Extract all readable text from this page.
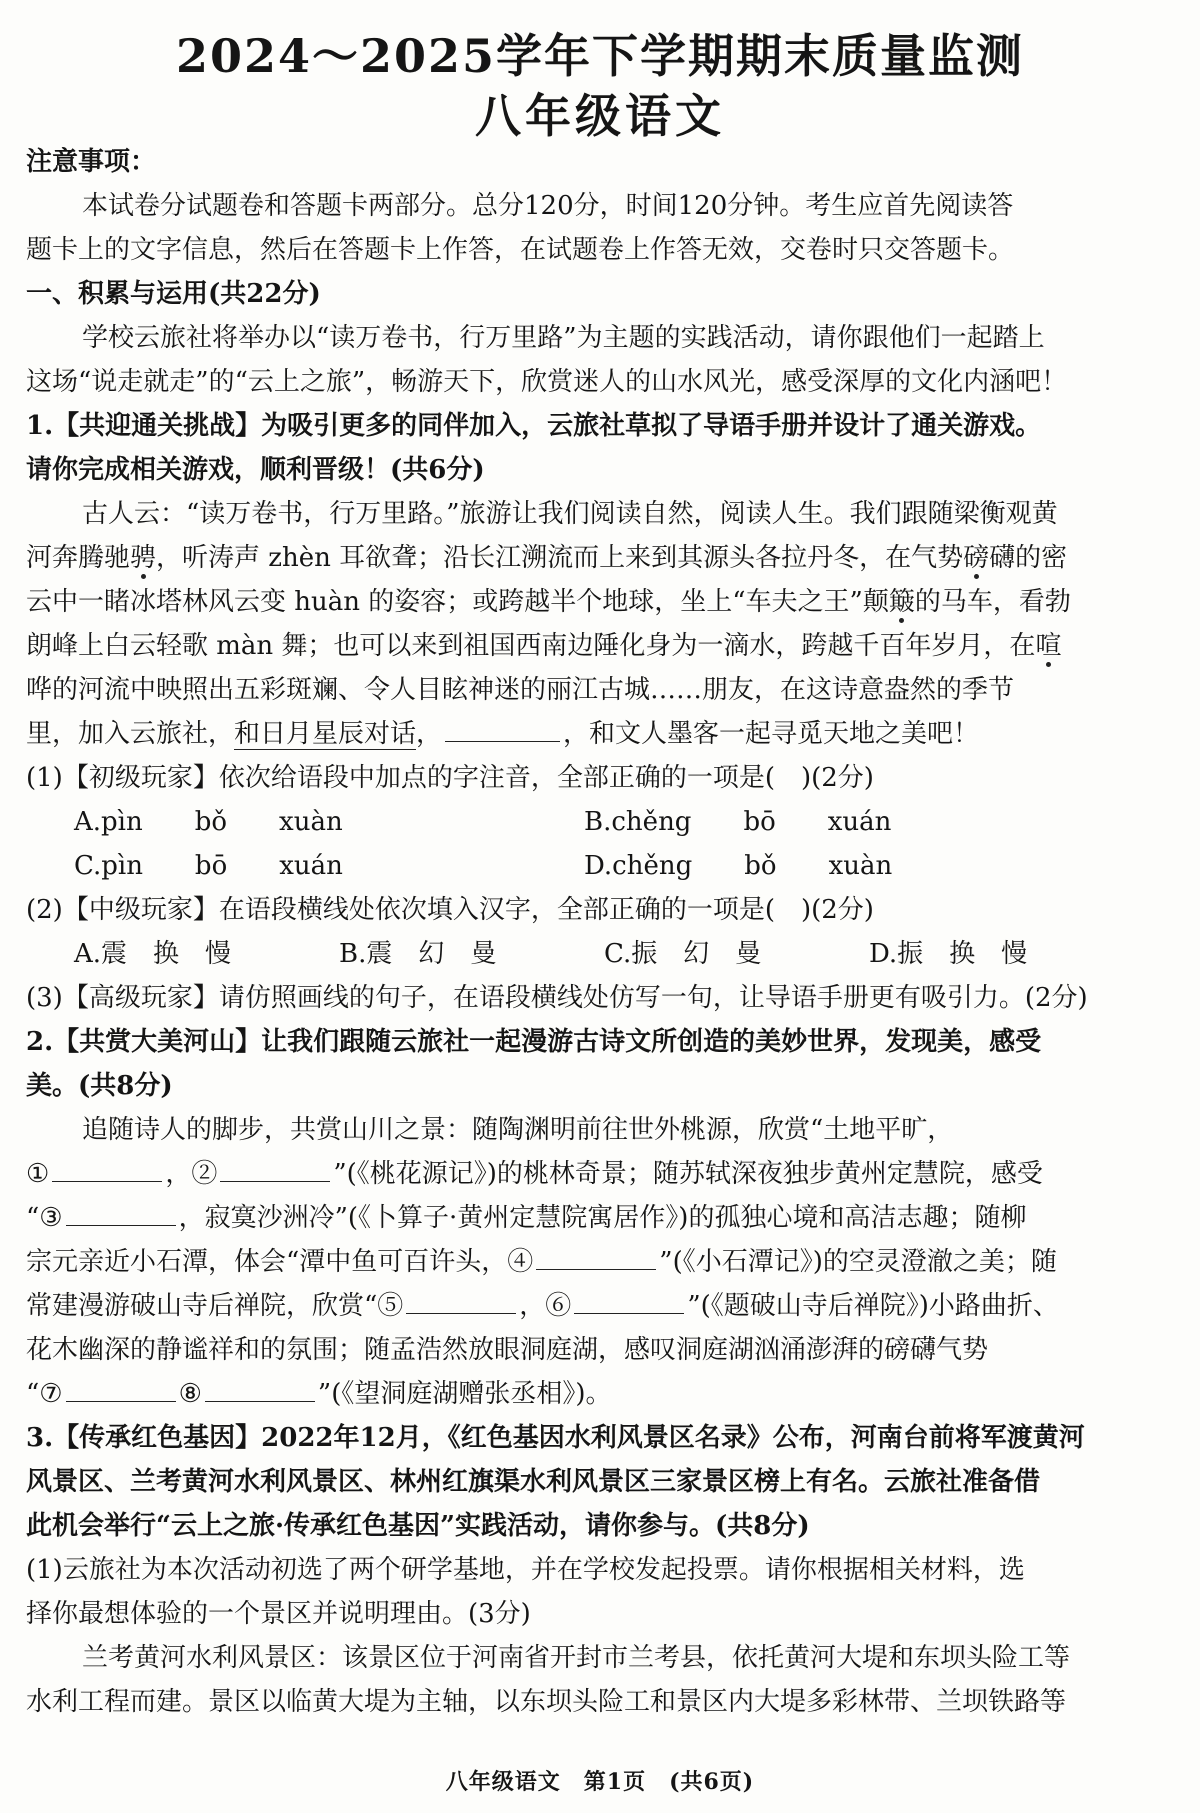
2024～2025学年下学期期末质量监测
八年级语文
注意事项：
本试卷分试题卷和答题卡两部分。总分120分，时间120分钟。考生应首先阅读答
题卡上的文字信息，然后在答题卡上作答，在试题卷上作答无效，交卷时只交答题卡。
一、积累与运用(共22分)
学校云旅社将举办以“读万卷书，行万里路”为主题的实践活动，请你跟他们一起踏上
这场“说走就走”的“云上之旅”，畅游天下，欣赏迷人的山水风光，感受深厚的文化内涵吧！
1.【共迎通关挑战】为吸引更多的同伴加入，云旅社草拟了导语手册并设计了通关游戏。
请你完成相关游戏，顺利晋级！(共6分)
古人云：“读万卷书，行万里路。”旅游让我们阅读自然，阅读人生。我们跟随梁衡观黄
河奔腾驰骋，听涛声 zhèn 耳欲聋；沿长江溯流而上来到其源头各拉丹冬，在气势磅礴的密
云中一睹冰塔林风云变 huàn 的姿容；或跨越半个地球，坐上“车夫之王”颠簸的马车，看勃
朗峰上白云轻歌 màn 舞；也可以来到祖国西南边陲化身为一滴水，跨越千百年岁月，在喧
哗的河流中映照出五彩斑斓、令人目眩神迷的丽江古城……朋友，在这诗意盎然的季节
里，加入云旅社，和日月星辰对话，	，和文人墨客一起寻觅天地之美吧！
(1)【初级玩家】依次给语段中加点的字注音，全部正确的一项是(　)(2分)
A.pìn　　bǒ　　xuàn	B.chěng　　bō　　xuán
C.pìn　　bō　　xuán	D.chěng　　bǒ　　xuàn
(2)【中级玩家】在语段横线处依次填入汉字，全部正确的一项是(　)(2分)
A.震　换　慢	B.震　幻　曼	C.振　幻　曼	D.振　换　慢
(3)【高级玩家】请仿照画线的句子，在语段横线处仿写一句，让导语手册更有吸引力。(2分)
2.【共赏大美河山】让我们跟随云旅社一起漫游古诗文所创造的美妙世界，发现美，感受
美。(共8分)
追随诗人的脚步，共赏山川之景：随陶渊明前往世外桃源，欣赏“土地平旷，
①	，②	”(《桃花源记》)的桃林奇景；随苏轼深夜独步黄州定慧院，感受
“③	，寂寞沙洲冷”(《卜算子·黄州定慧院寓居作》)的孤独心境和高洁志趣；随柳
宗元亲近小石潭，体会“潭中鱼可百许头，④	”(《小石潭记》)的空灵澄澈之美；随
常建漫游破山寺后禅院，欣赏“⑤	，⑥	”(《题破山寺后禅院》)小路曲折、
花木幽深的静谧祥和的氛围；随孟浩然放眼洞庭湖，感叹洞庭湖汹涌澎湃的磅礴气势
“⑦	⑧	”(《望洞庭湖赠张丞相》)。
3.【传承红色基因】2022年12月，《红色基因水利风景区名录》公布，河南台前将军渡黄河
风景区、兰考黄河水利风景区、林州红旗渠水利风景区三家景区榜上有名。云旅社准备借
此机会举行“云上之旅·传承红色基因”实践活动，请你参与。(共8分)
(1)云旅社为本次活动初选了两个研学基地，并在学校发起投票。请你根据相关材料，选
择你最想体验的一个景区并说明理由。(3分)
兰考黄河水利风景区：该景区位于河南省开封市兰考县，依托黄河大堤和东坝头险工等
水利工程而建。景区以临黄大堤为主轴，以东坝头险工和景区内大堤多彩林带、兰坝铁路等
八年级语文　第1页　(共6页)
